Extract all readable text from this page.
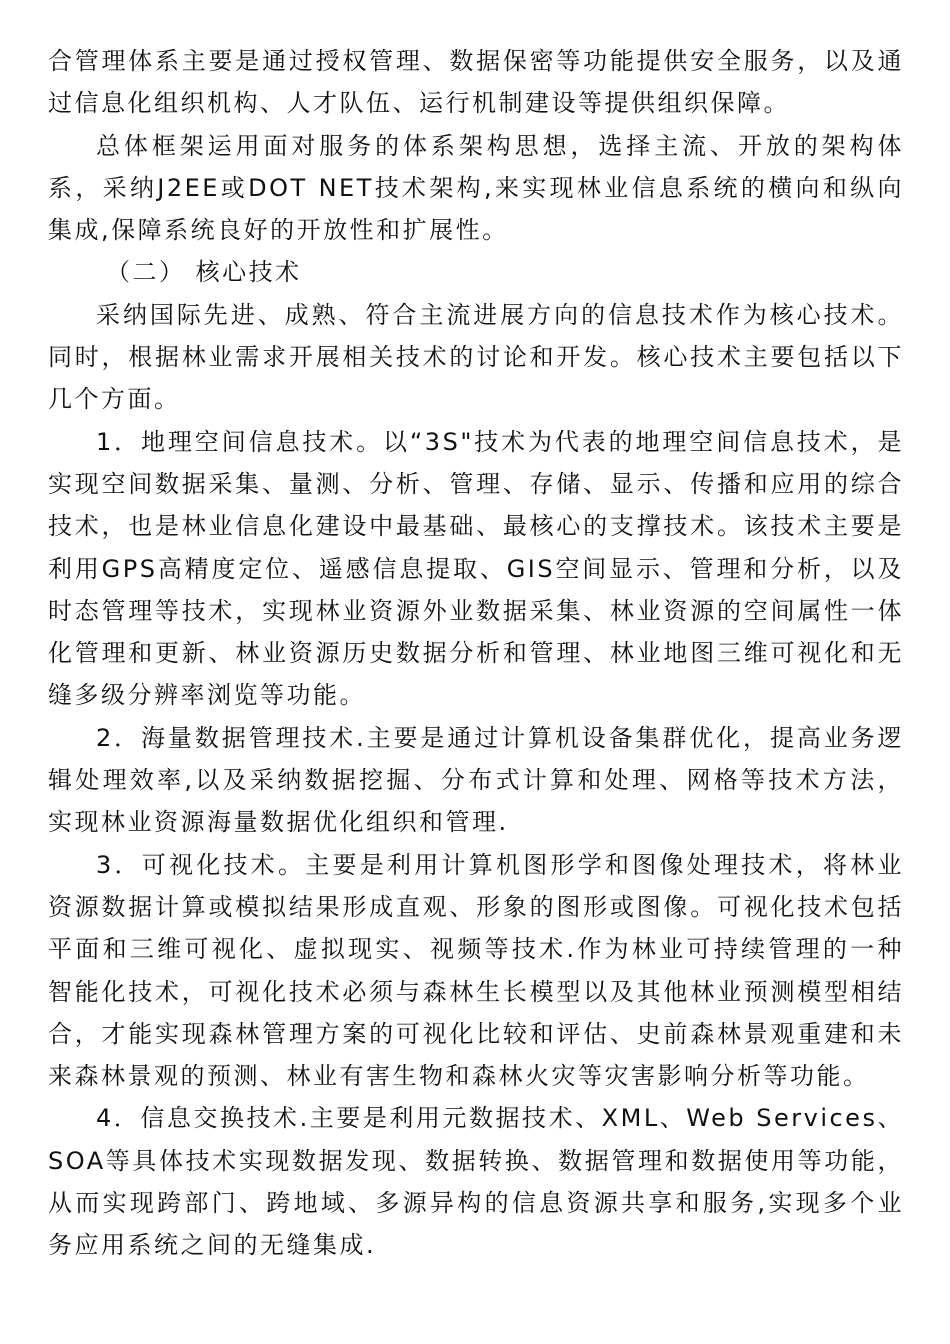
合管理体系主要是通过授权管理、数据保密等功能提供安全服务，以及通过信息化组织机构、人才队伍、运行机制建设等提供组织保障。

总体框架运用面对服务的体系架构思想，选择主流、开放的架构体系，采纳J2EE或DOT NET技术架构,来实现林业信息系统的横向和纵向集成,保障系统良好的开放性和扩展性。

（二） 核心技术

采纳国际先进、成熟、符合主流进展方向的信息技术作为核心技术。同时，根据林业需求开展相关技术的讨论和开发。核心技术主要包括以下几个方面。

1．地理空间信息技术。以“3S"技术为代表的地理空间信息技术，是实现空间数据采集、量测、分析、管理、存储、显示、传播和应用的综合技术，也是林业信息化建设中最基础、最核心的支撑技术。该技术主要是利用GPS高精度定位、遥感信息提取、GIS空间显示、管理和分析，以及时态管理等技术，实现林业资源外业数据采集、林业资源的空间属性一体化管理和更新、林业资源历史数据分析和管理、林业地图三维可视化和无缝多级分辨率浏览等功能。

2．海量数据管理技术.主要是通过计算机设备集群优化，提高业务逻辑处理效率,以及采纳数据挖掘、分布式计算和处理、网格等技术方法，实现林业资源海量数据优化组织和管理.

3．可视化技术。主要是利用计算机图形学和图像处理技术，将林业资源数据计算或模拟结果形成直观、形象的图形或图像。可视化技术包括平面和三维可视化、虚拟现实、视频等技术.作为林业可持续管理的一种智能化技术，可视化技术必须与森林生长模型以及其他林业预测模型相结合，才能实现森林管理方案的可视化比较和评估、史前森林景观重建和未来森林景观的预测、林业有害生物和森林火灾等灾害影响分析等功能。

4．信息交换技术.主要是利用元数据技术、XML、Web Services、SOA等具体技术实现数据发现、数据转换、数据管理和数据使用等功能，从而实现跨部门、跨地域、多源异构的信息资源共享和服务,实现多个业务应用系统之间的无缝集成.
